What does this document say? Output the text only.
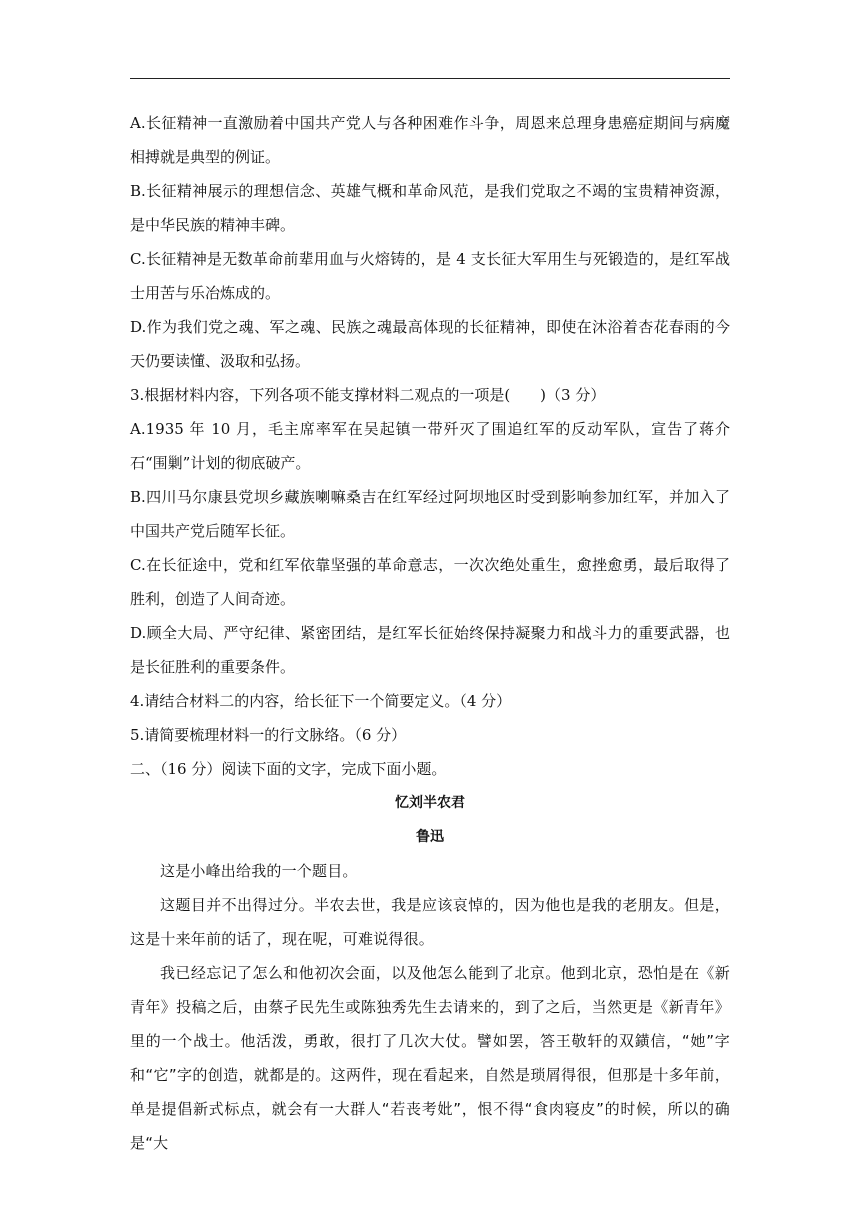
A.长征精神一直激励着中国共产党人与各种困难作斗争，周恩来总理身患癌症期间与病魔相搏就是典型的例证。

B.长征精神展示的理想信念、英雄气概和革命风范，是我们党取之不竭的宝贵精神资源，是中华民族的精神丰碑。

C.长征精神是无数革命前辈用血与火熔铸的，是 4 支长征大军用生与死锻造的，是红军战士用苦与乐冶炼成的。

D.作为我们党之魂、军之魂、民族之魂最高体现的长征精神，即使在沐浴着杏花春雨的今天仍要读懂、汲取和弘扬。

3.根据材料内容，下列各项不能支撑材料二观点的一项是(　　)（3 分）

A.1935 年 10 月，毛主席率军在吴起镇一带歼灭了围追红军的反动军队，宣告了蒋介石“围剿”计划的彻底破产。

B.四川马尔康县党坝乡藏族喇嘛桑吉在红军经过阿坝地区时受到影响参加红军，并加入了中国共产党后随军长征。

C.在长征途中，党和红军依靠坚强的革命意志，一次次绝处重生，愈挫愈勇，最后取得了胜利，创造了人间奇迹。

D.顾全大局、严守纪律、紧密团结，是红军长征始终保持凝聚力和战斗力的重要武器，也是长征胜利的重要条件。

4.请结合材料二的内容，给长征下一个简要定义。（4 分）

5.请简要梳理材料一的行文脉络。（6 分）

二、（16 分）阅读下面的文字，完成下面小题。

忆刘半农君

鲁迅

这是小峰出给我的一个题目。

这题目并不出得过分。半农去世，我是应该哀悼的，因为他也是我的老朋友。但是，这是十来年前的话了，现在呢，可难说得很。

我已经忘记了怎么和他初次会面，以及他怎么能到了北京。他到北京，恐怕是在《新青年》投稿之后，由蔡孑民先生或陈独秀先生去请来的，到了之后，当然更是《新青年》里的一个战士。他活泼，勇敢，很打了几次大仗。譬如罢，答王敬轩的双鐄信，“她”字和“它”字的创造，就都是的。这两件，现在看起来，自然是琐屑得很，但那是十多年前，单是提倡新式标点，就会有一大群人“若丧考妣”，恨不得“食肉寝皮”的时候，所以的确是“大
